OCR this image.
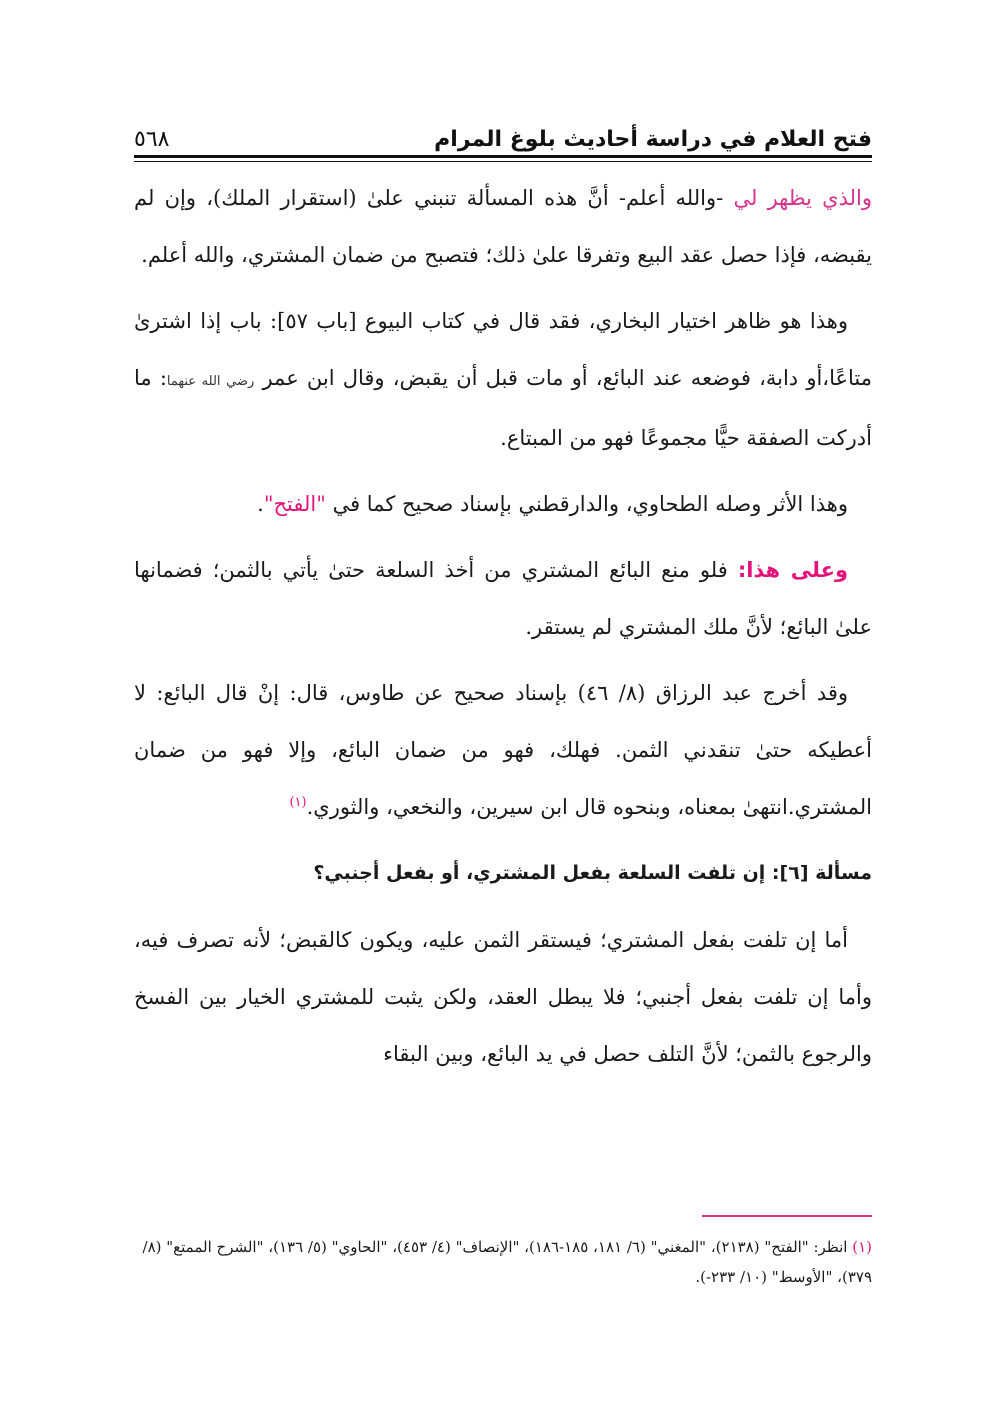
فتح العلام في دراسة أحاديث بلوغ المرام
٥٦٨

والذي يظهر لي -والله أعلم- أنَّ هذه المسألة تنبني علىٰ (استقرار الملك)، وإن لم يقبضه، فإذا حصل عقد البيع وتفرقا علىٰ ذلك؛ فتصبح من ضمان المشتري، والله أعلم.

وهذا هو ظاهر اختيار البخاري، فقد قال في كتاب البيوع [باب ٥٧]: باب إذا اشترىٰ متاعًا،أو دابة، فوضعه عند البائع، أو مات قبل أن يقبض، وقال ابن عمر رضي الله عنهما: ما أدركت الصفقة حيًّا مجموعًا فهو من المبتاع.

وهذا الأثر وصله الطحاوي، والدارقطني بإسناد صحيح كما في "الفتح".

وعلى هذا: فلو منع البائع المشتري من أخذ السلعة حتىٰ يأتي بالثمن؛ فضمانها علىٰ البائع؛ لأنَّ ملك المشتري لم يستقر.

وقد أخرج عبد الرزاق (٨/ ٤٦) بإسناد صحيح عن طاوس، قال: إنْ قال البائع: لا أعطيكه حتىٰ تنقدني الثمن. فهلك، فهو من ضمان البائع، وإلا فهو من ضمان المشتري.انتهىٰ بمعناه، وبنحوه قال ابن سيرين، والنخعي، والثوري.$^{(١)}$

مسألة [٦]: إن تلفت السلعة بفعل المشتري، أو بفعل أجنبي؟

أما إن تلفت بفعل المشتري؛ فيستقر الثمن عليه، ويكون كالقبض؛ لأنه تصرف فيه، وأما إن تلفت بفعل أجنبي؛ فلا يبطل العقد، ولكن يثبت للمشتري الخيار بين الفسخ والرجوع بالثمن؛ لأنَّ التلف حصل في يد البائع، وبين البقاء

(١) انظر: "الفتح" (٢١٣٨)، "المغني" (٦/ ١٨١، ١٨٥-١٨٦)، "الإنصاف" (٤/ ٤٥٣)، "الحاوي" (٥/ ١٣٦)، "الشرح الممتع" (٨/ ٣٧٩)، "الأوسط" (١٠/ ٢٣٣-).
